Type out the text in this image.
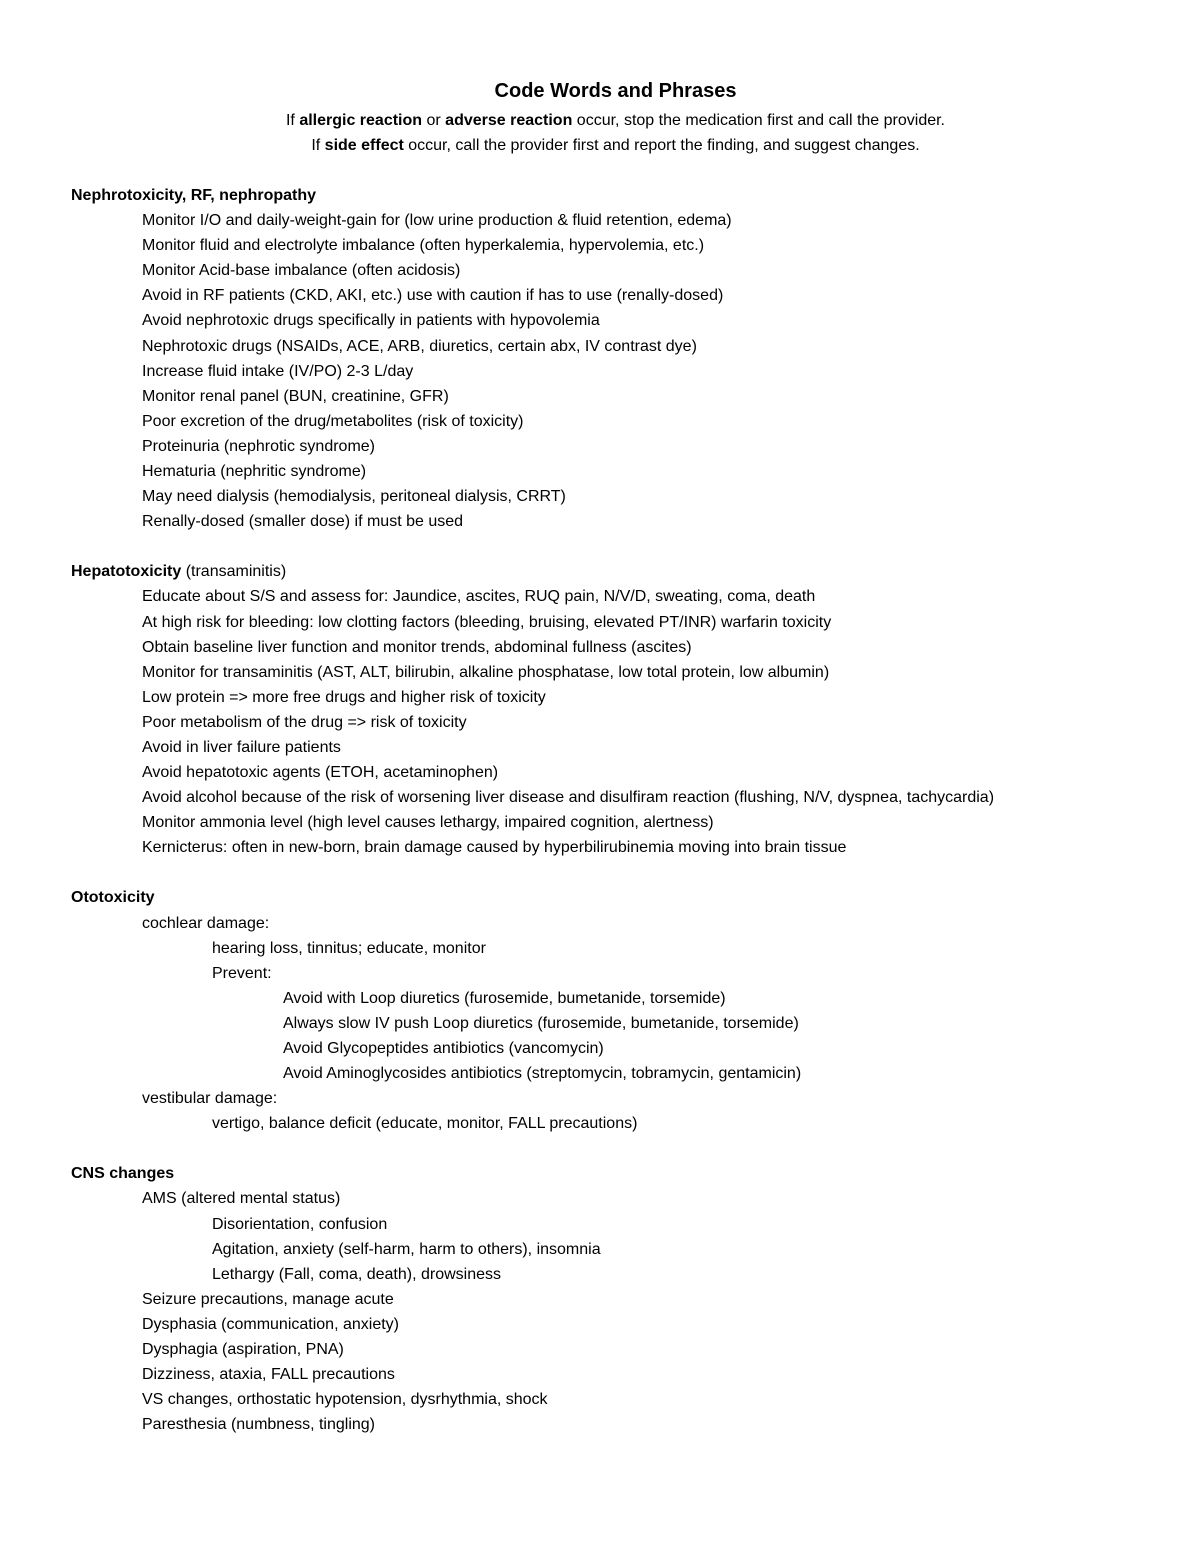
Code Words and Phrases

If allergic reaction or adverse reaction occur, stop the medication first and call the provider.

If side effect occur, call the provider first and report the finding, and suggest changes.

Nephrotoxicity, RF, nephropathy

Monitor I/O and daily-weight-gain for (low urine production & fluid retention, edema)

Monitor fluid and electrolyte imbalance (often hyperkalemia, hypervolemia, etc.)

Monitor Acid-base imbalance (often acidosis)

Avoid in RF patients (CKD, AKI, etc.) use with caution if has to use (renally-dosed)

Avoid nephrotoxic drugs specifically in patients with hypovolemia

Nephrotoxic drugs (NSAIDs, ACE, ARB, diuretics, certain abx, IV contrast dye)

Increase fluid intake (IV/PO) 2-3 L/day

Monitor renal panel (BUN, creatinine, GFR)

Poor excretion of the drug/metabolites (risk of toxicity)

Proteinuria (nephrotic syndrome)

Hematuria (nephritic syndrome)

May need dialysis (hemodialysis, peritoneal dialysis, CRRT)

Renally-dosed (smaller dose) if must be used

Hepatotoxicity (transaminitis)

Educate about S/S and assess for: Jaundice, ascites, RUQ pain, N/V/D, sweating, coma, death

At high risk for bleeding: low clotting factors (bleeding, bruising, elevated PT/INR) warfarin toxicity

Obtain baseline liver function and monitor trends, abdominal fullness (ascites)

Monitor for transaminitis (AST, ALT, bilirubin, alkaline phosphatase, low total protein, low albumin)

Low protein => more free drugs and higher risk of toxicity

Poor metabolism of the drug => risk of toxicity

Avoid in liver failure patients

Avoid hepatotoxic agents (ETOH, acetaminophen)

Avoid alcohol because of the risk of worsening liver disease and disulfiram reaction (flushing, N/V, dyspnea, tachycardia)

Monitor ammonia level (high level causes lethargy, impaired cognition, alertness)

Kernicterus: often in new-born, brain damage caused by hyperbilirubinemia moving into brain tissue

Ototoxicity

cochlear damage:

hearing loss, tinnitus; educate, monitor

Prevent:

Avoid with Loop diuretics (furosemide, bumetanide, torsemide)

Always slow IV push Loop diuretics (furosemide, bumetanide, torsemide)

Avoid Glycopeptides antibiotics (vancomycin)

Avoid Aminoglycosides antibiotics (streptomycin, tobramycin, gentamicin)

vestibular damage:

vertigo, balance deficit (educate, monitor, FALL precautions)

CNS changes

AMS (altered mental status)

Disorientation, confusion

Agitation, anxiety (self-harm, harm to others), insomnia

Lethargy (Fall, coma, death), drowsiness

Seizure precautions, manage acute

Dysphasia (communication, anxiety)

Dysphagia (aspiration, PNA)

Dizziness, ataxia, FALL precautions

VS changes, orthostatic hypotension, dysrhythmia, shock

Paresthesia (numbness, tingling)
